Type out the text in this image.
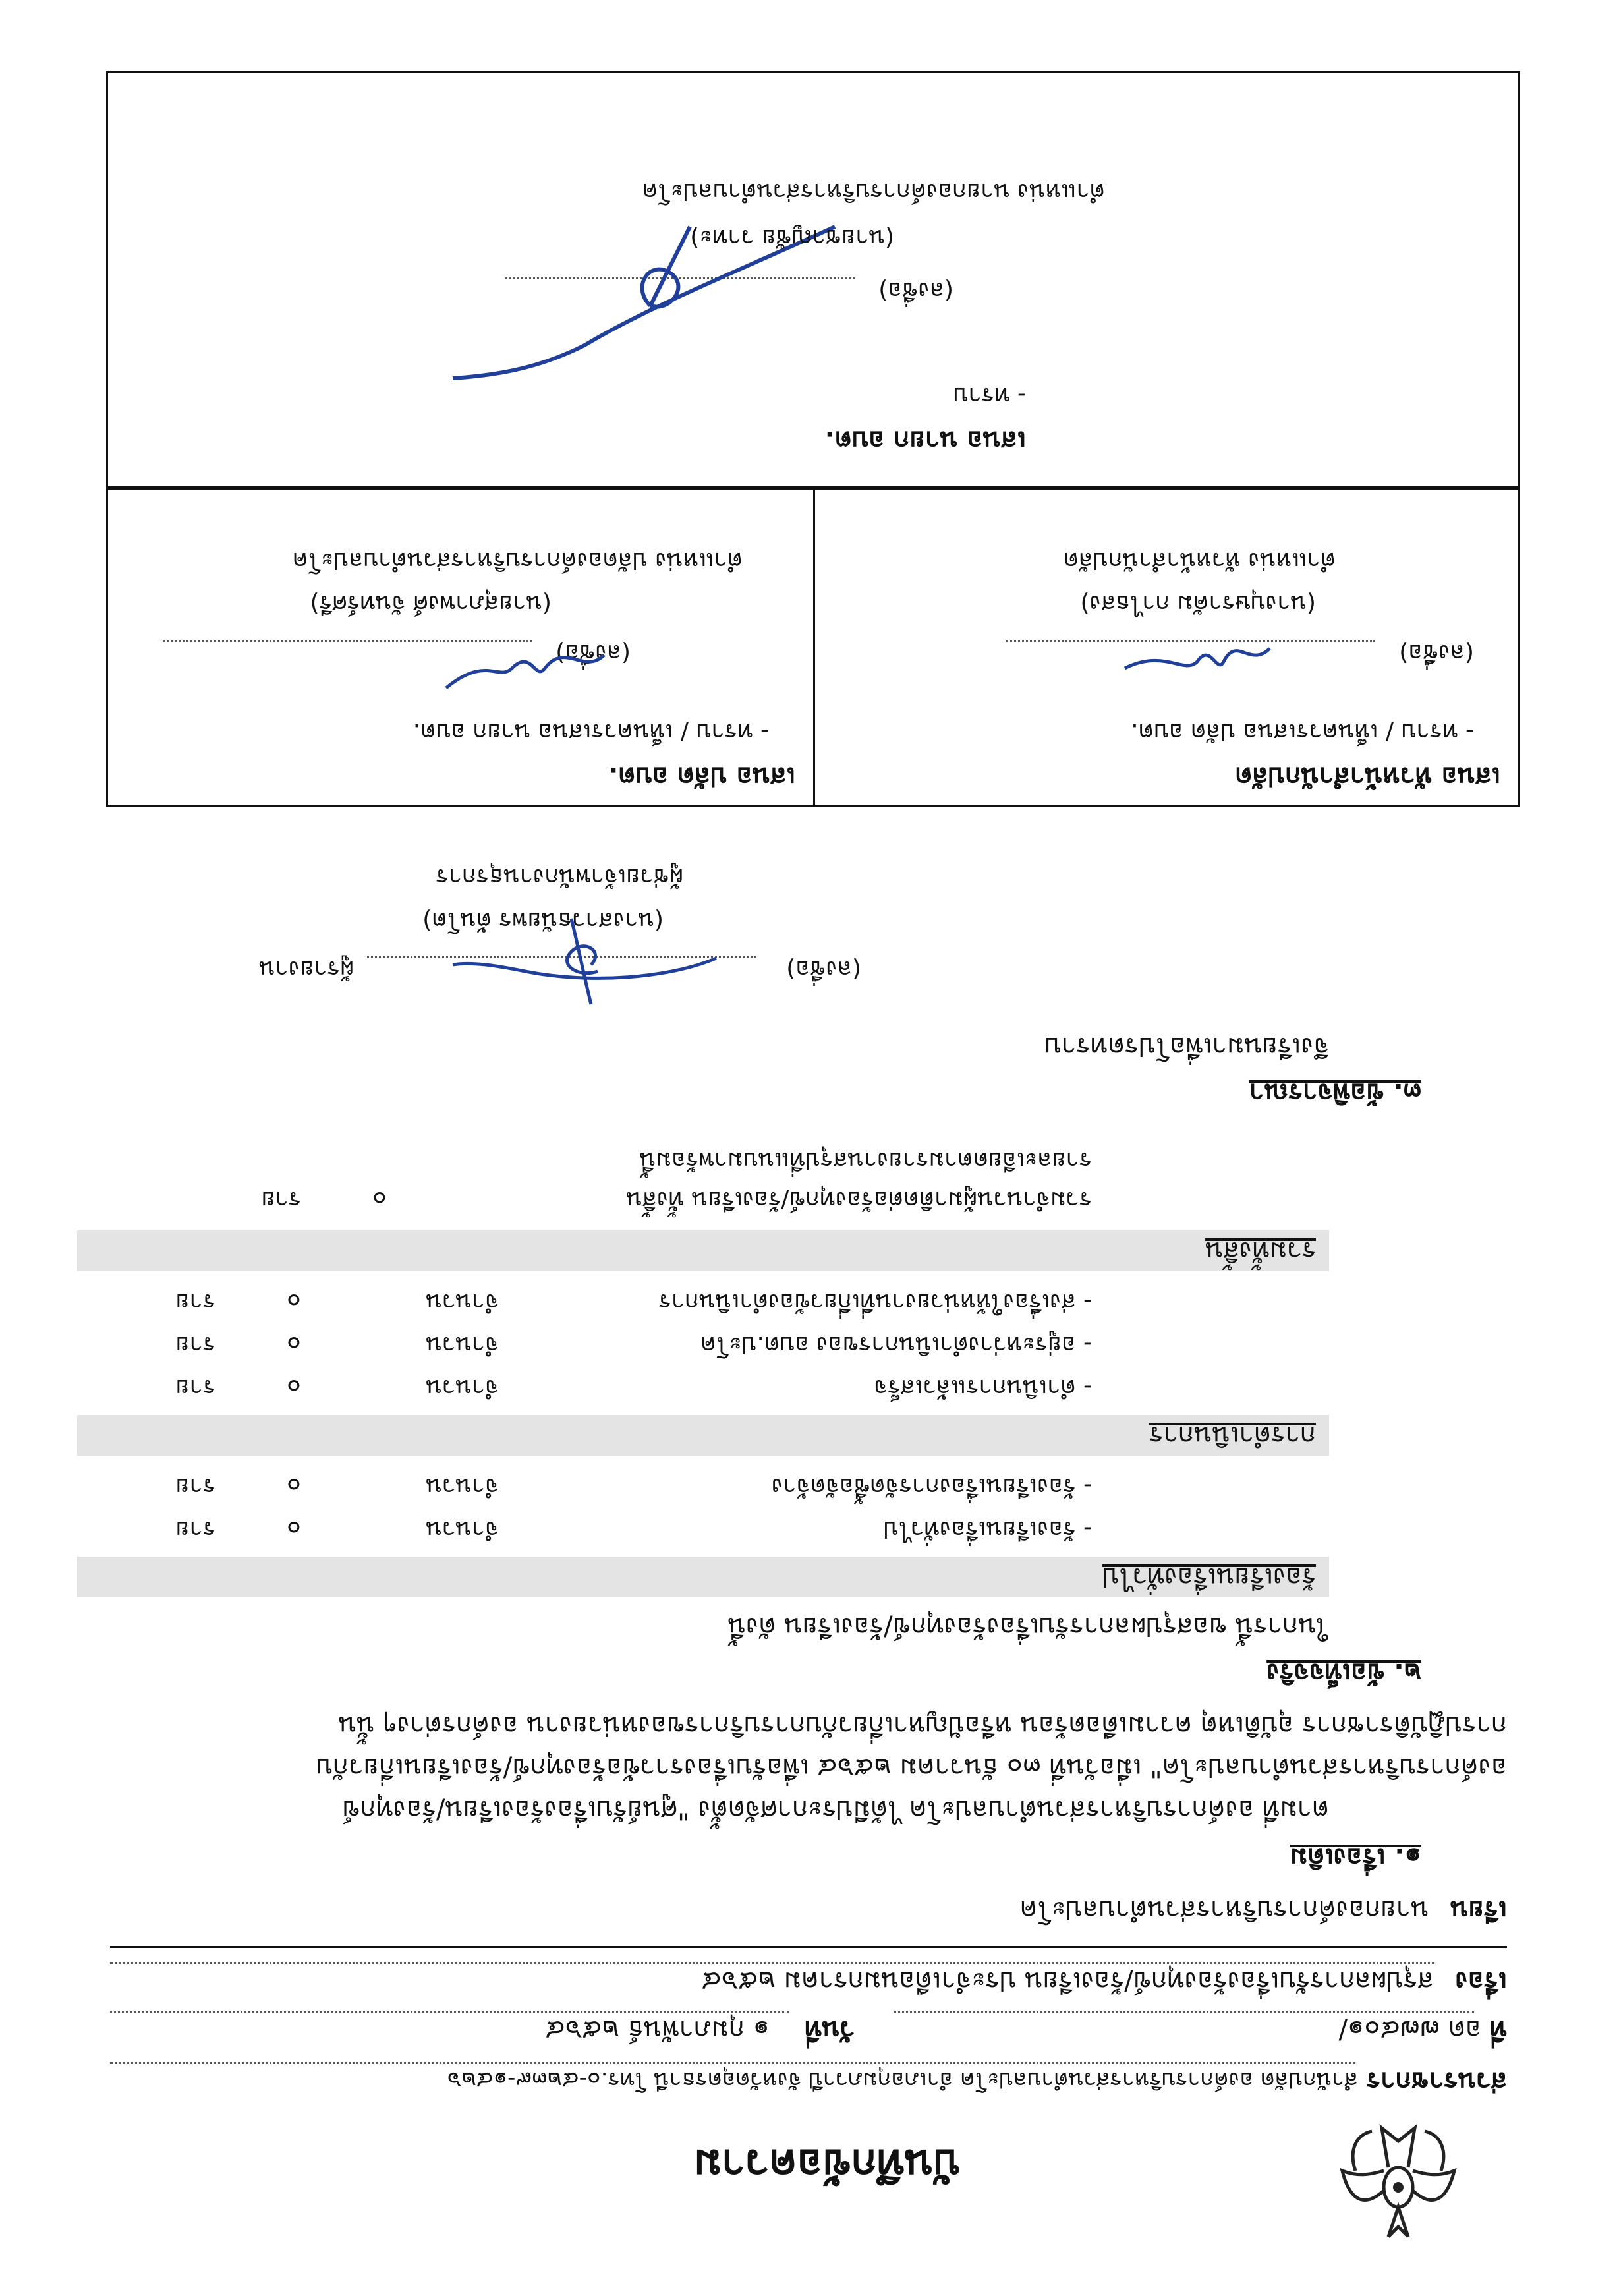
บันทึกข้อความ
ส่วนราชการ สำนักปลัด องค์การบริหารส่วนตำบลปะโค อำเภอกุมภวาปี จังหวัดอุดรธานี โทร.๐-๔๒๓๙-๑๔๒๖
ที่ อด ๗๗๔๐๑/
วันที่ ๑ กุมภาพันธ์ ๒๕๖๔
เรื่อง สรุปผลการรับเรื่องร้องทุกข์/ร้องเรียน ประจำเดือนมกราคม ๒๕๖๔
เรียน นายกองค์การบริหารส่วนตำบลปะโค
๑. เรื่องเดิม
ตามที่ องค์การบริหารส่วนตำบลปะโค ได้มีประกาศจัดตั้ง "ศูนย์รับเรื่องร้องเรียน/ร้องทุกข์
องค์การบริหารส่วนตำบลปะโค" เมื่อวันที่ ๓๐ ธันวาคม ๒๕๖๔ เพื่อรับเรื่องราวข้อร้องทุกข์/ร้องเรียนเกี่ยวกับ
การปฏิบัติราชการ อุบัติเหตุ ความเดือดร้อน หรือปัญหาเกี่ยวกับการบริการของหน่วยงาน องค์กรต่างๆ นั้น
๒. ข้อเท็จจริง
ในการนี้ ขอสรุปผลการรับเรื่องร้องทุกข์/ร้องเรียน ดังนี้
ร้องเรียนเรื่องทั่วไป
- ร้องเรียนเรื่องทั่วไป
จำนวน
๐
ราย
- ร้องเรียนเรื่องการจัดซื้อจัดจ้าง
จำนวน
๐
ราย
การดำเนินการ
- ดำเนินการแล้วเสร็จ
จำนวน
๐
ราย
- อยู่ระหว่างดำเนินการของ อบต.ปะโค
จำนวน
๐
ราย
- ส่งเรื่องให้หน่วยงานที่เกี่ยวข้องดำเนินการ
จำนวน
๐
ราย
รวมทั้งสิ้น
รวมจำนวนผู้มาติดต่อร้องทุกข์/ร้องเรียน ทั้งสิ้น
๐
ราย
รายละเอียดตามรายงานสรุปที่แนบมาพร้อมนี้
๓. ข้อพิจารณา
จึงเรียนมาเพื่อโปรดทราบ
(ลงชื่อ)
ผู้รายงาน
(นางสาวธนัยพร ต้นโต)
ผู้ช่วยเจ้าพนักงานธุรการ
เสนอ หัวหน้าสำนักปลัด
- ทราบ / เห็นควรเสนอ ปลัด อบต.
(ลงชื่อ)
(นางบุษราคัม กาไธสง)
ตำแหน่ง หัวหน้าสำนักปลัด
เสนอ ปลัด อบต.
- ทราบ / เห็นควรเสนอ นายก อบต.
(ลงชื่อ)
(นายสุภาพงศ์ จันทร์ศรี)
ตำแหน่ง ปลัดองค์การบริหารส่วนตำบลปะโค
เสนอ นายก อบต.
- ทราบ
(ลงชื่อ)
(นายชาญชัย วาทะ)
ตำแหน่ง นายกองค์การบริหารส่วนตำบลปะโค
